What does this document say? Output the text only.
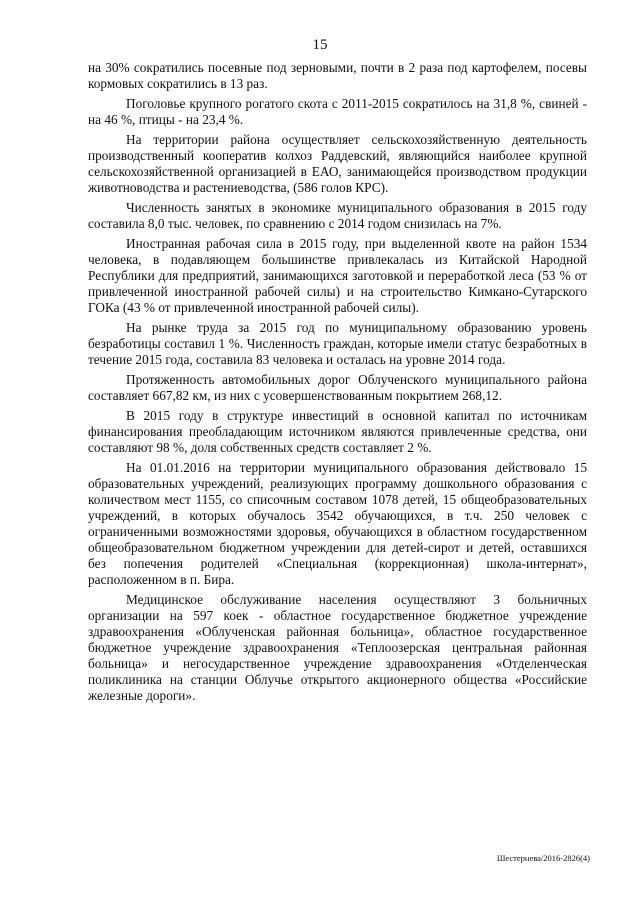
15

на 30% сократились посевные под зерновыми, почти в 2 раза под картофелем, посевы кормовых сократились в 13 раз.

Поголовье крупного рогатого скота с 2011-2015 сократилось на 31,8 %, свиней - на 46 %, птицы - на 23,4 %.

На территории района осуществляет сельскохозяйственную деятельность производственный кооператив колхоз Раддевский, являющийся наиболее крупной сельскохозяйственной организацией в ЕАО, занимающейся производством продукции животноводства и растениеводства, (586 голов КРС).

Численность занятых в экономике муниципального образования в 2015 году составила 8,0 тыс. человек, по сравнению с 2014 годом снизилась на 7%.

Иностранная рабочая сила в 2015 году, при выделенной квоте на район 1534 человека, в подавляющем большинстве привлекалась из Китайской Народной Республики для предприятий, занимающихся заготовкой и переработкой леса (53 % от привлеченной иностранной рабочей силы) и на строительство Кимкано-Сутарского ГОКа (43 % от привлеченной иностранной рабочей силы).

На рынке труда за 2015 год по муниципальному образованию уровень безработицы составил 1 %. Численность граждан, которые имели статус безработных в течение 2015 года, составила 83 человека и осталась на уровне 2014 года.

Протяженность автомобильных дорог Облученского муниципального района составляет 667,82 км, из них с усовершенствованным покрытием 268,12.

В 2015 году в структуре инвестиций в основной капитал по источникам финансирования преобладающим источником являются привлеченные средства, они составляют 98 %, доля собственных средств составляет 2 %.

На 01.01.2016 на территории муниципального образования действовало 15 образовательных учреждений, реализующих программу дошкольного образования с количеством мест 1155, со списочным составом 1078 детей, 15 общеобразовательных учреждений, в которых обучалось 3542 обучающихся, в т.ч. 250 человек с ограниченными возможностями здоровья, обучающихся в областном государственном общеобразовательном бюджетном учреждении для детей-сирот и детей, оставшихся без попечения родителей «Специальная (коррекционная) школа-интернат», расположенном в п. Бира.

Медицинское обслуживание населения осуществляют 3 больничных организации на 597 коек - областное государственное бюджетное учреждение здравоохранения «Облученская районная больница», областное государственное бюджетное учреждение здравоохранения «Теплоозерская центральная районная больница» и негосударственное учреждение здравоохранения «Отделенческая поликлиника на станции Облучье открытого акционерного общества «Российские железные дороги».

Шестернева/2016-2826(4)
